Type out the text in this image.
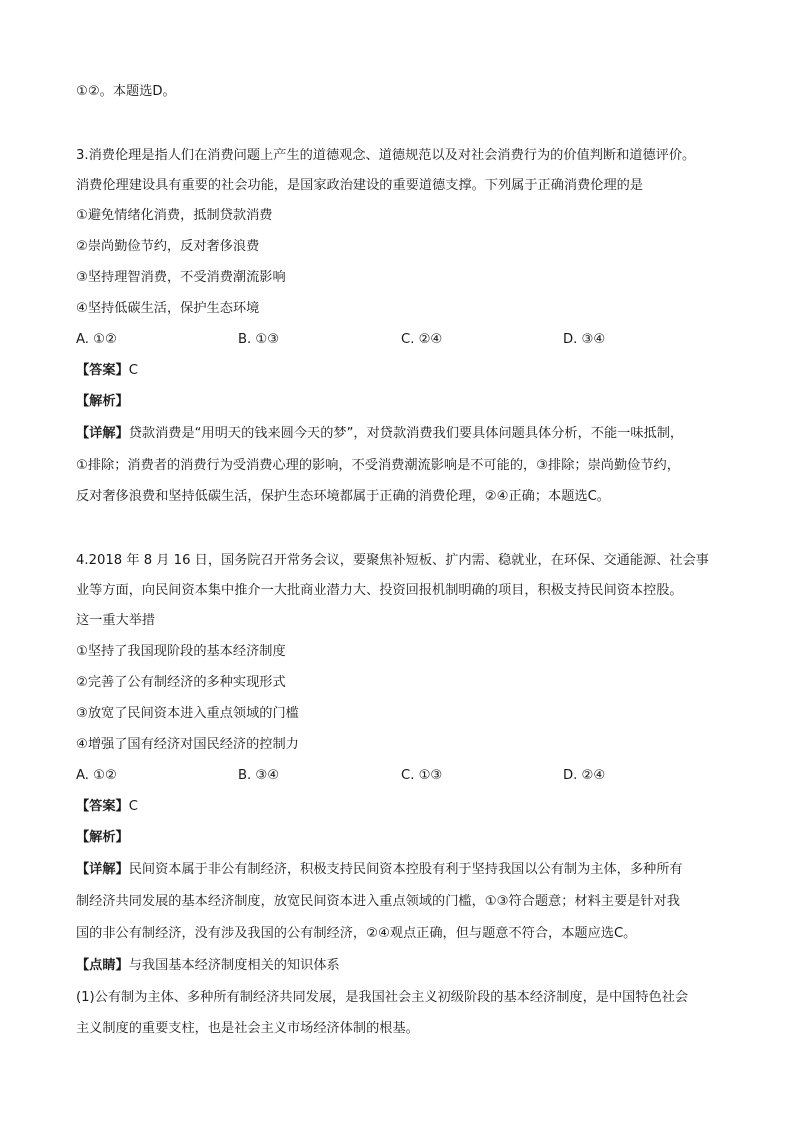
①②。本题选D。
3.消费伦理是指人们在消费问题上产生的道德观念、道德规范以及对社会消费行为的价值判断和道德评价。
消费伦理建设具有重要的社会功能，是国家政治建设的重要道德支撑。下列属于正确消费伦理的是
①避免情绪化消费，抵制贷款消费
②崇尚勤俭节约，反对奢侈浪费
③坚持理智消费，不受消费潮流影响
④坚持低碳生活，保护生态环境
A. ①②	B. ①③	C. ②④	D. ③④
【答案】C
【解析】
【详解】贷款消费是“用明天的钱来圆今天的梦”，对贷款消费我们要具体问题具体分析，不能一味抵制，
①排除；消费者的消费行为受消费心理的影响，不受消费潮流影响是不可能的，③排除；崇尚勤俭节约，
反对奢侈浪费和坚持低碳生活，保护生态环境都属于正确的消费伦理，②④正确；本题选C。
4.2018 年 8 月 16 日，国务院召开常务会议，要聚焦补短板、扩内需、稳就业，在环保、交通能源、社会事
业等方面，向民间资本集中推介一大批商业潜力大、投资回报机制明确的项目，积极支持民间资本控股。
这一重大举措
①坚持了我国现阶段的基本经济制度
②完善了公有制经济的多种实现形式
③放宽了民间资本进入重点领域的门槛
④增强了国有经济对国民经济的控制力
A. ①②	B. ③④	C. ①③	D. ②④
【答案】C
【解析】
【详解】民间资本属于非公有制经济，积极支持民间资本控股有利于坚持我国以公有制为主体，多种所有
制经济共同发展的基本经济制度，放宽民间资本进入重点领域的门槛，①③符合题意；材料主要是针对我
国的非公有制经济，没有涉及我国的公有制经济，②④观点正确，但与题意不符合，本题应选C。
【点睛】与我国基本经济制度相关的知识体系
(1)公有制为主体、多种所有制经济共同发展，是我国社会主义初级阶段的基本经济制度，是中国特色社会
主义制度的重要支柱，也是社会主义市场经济体制的根基。
